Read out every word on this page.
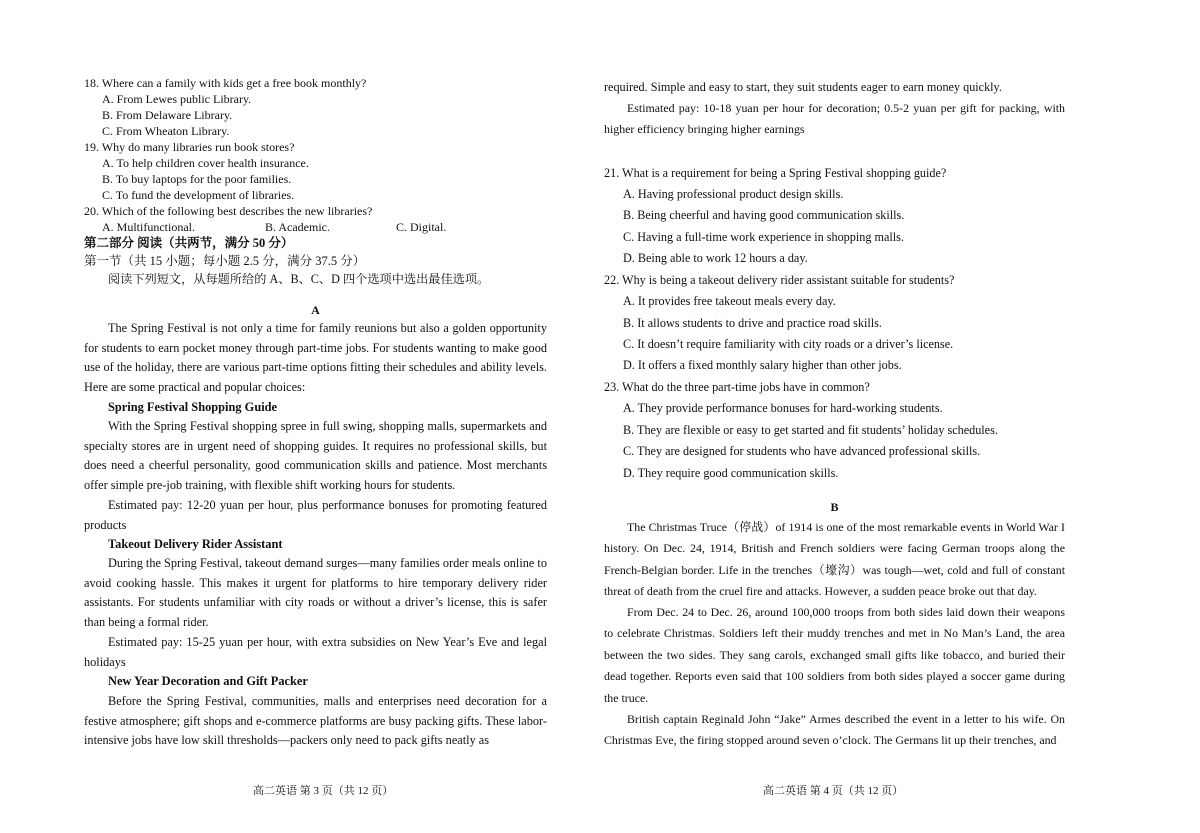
18. Where can a family with kids get a free book monthly?
A. From Lewes public Library.
B. From Delaware Library.
C. From Wheaton Library.
19. Why do many libraries run book stores?
A. To help children cover health insurance.
B. To buy laptops for the poor families.
C. To fund the development of libraries.
20. Which of the following best describes the new libraries?
A. Multifunctional.	B. Academic.	C. Digital.
第二部分 阅读（共两节，满分 50 分）
第一节（共 15 小题；每小题 2.5 分，满分 37.5 分）
阅读下列短文，从每题所给的 A、B、C、D 四个选项中选出最佳选项。
A
The Spring Festival is not only a time for family reunions but also a golden opportunity for students to earn pocket money through part-time jobs. For students wanting to make good use of the holiday, there are various part-time options fitting their schedules and ability levels. Here are some practical and popular choices:
Spring Festival Shopping Guide
With the Spring Festival shopping spree in full swing, shopping malls, supermarkets and specialty stores are in urgent need of shopping guides. It requires no professional skills, but does need a cheerful personality, good communication skills and patience. Most merchants offer simple pre-job training, with flexible shift working hours for students.
Estimated pay: 12-20 yuan per hour, plus performance bonuses for promoting featured products
Takeout Delivery Rider Assistant
During the Spring Festival, takeout demand surges—many families order meals online to avoid cooking hassle. This makes it urgent for platforms to hire temporary delivery rider assistants. For students unfamiliar with city roads or without a driver’s license, this is safer than being a formal rider.
Estimated pay: 15-25 yuan per hour, with extra subsidies on New Year’s Eve and legal holidays
New Year Decoration and Gift Packer
Before the Spring Festival, communities, malls and enterprises need decoration for a festive atmosphere; gift shops and e-commerce platforms are busy packing gifts. These labor-intensive jobs have low skill thresholds—packers only need to pack gifts neatly as
高二英语 第 3 页（共 12 页）
required. Simple and easy to start, they suit students eager to earn money quickly.
Estimated pay: 10-18 yuan per hour for decoration; 0.5-2 yuan per gift for packing, with higher efficiency bringing higher earnings
21. What is a requirement for being a Spring Festival shopping guide?
A. Having professional product design skills.
B. Being cheerful and having good communication skills.
C. Having a full-time work experience in shopping malls.
D. Being able to work 12 hours a day.
22. Why is being a takeout delivery rider assistant suitable for students?
A. It provides free takeout meals every day.
B. It allows students to drive and practice road skills.
C. It doesn’t require familiarity with city roads or a driver’s license.
D. It offers a fixed monthly salary higher than other jobs.
23. What do the three part-time jobs have in common?
A. They provide performance bonuses for hard-working students.
B. They are flexible or easy to get started and fit students’ holiday schedules.
C. They are designed for students who have advanced professional skills.
D. They require good communication skills.
B
The Christmas Truce（停战）of 1914 is one of the most remarkable events in World War I history. On Dec. 24, 1914, British and French soldiers were facing German troops along the French-Belgian border. Life in the trenches（壕沟）was tough—wet, cold and full of constant threat of death from the cruel fire and attacks. However, a sudden peace broke out that day.
From Dec. 24 to Dec. 26, around 100,000 troops from both sides laid down their weapons to celebrate Christmas. Soldiers left their muddy trenches and met in No Man’s Land, the area between the two sides. They sang carols, exchanged small gifts like tobacco, and buried their dead together. Reports even said that 100 soldiers from both sides played a soccer game during the truce.
British captain Reginald John “Jake” Armes described the event in a letter to his wife. On Christmas Eve, the firing stopped around seven o’clock. The Germans lit up their trenches, and
高二英语 第 4 页（共 12 页）
